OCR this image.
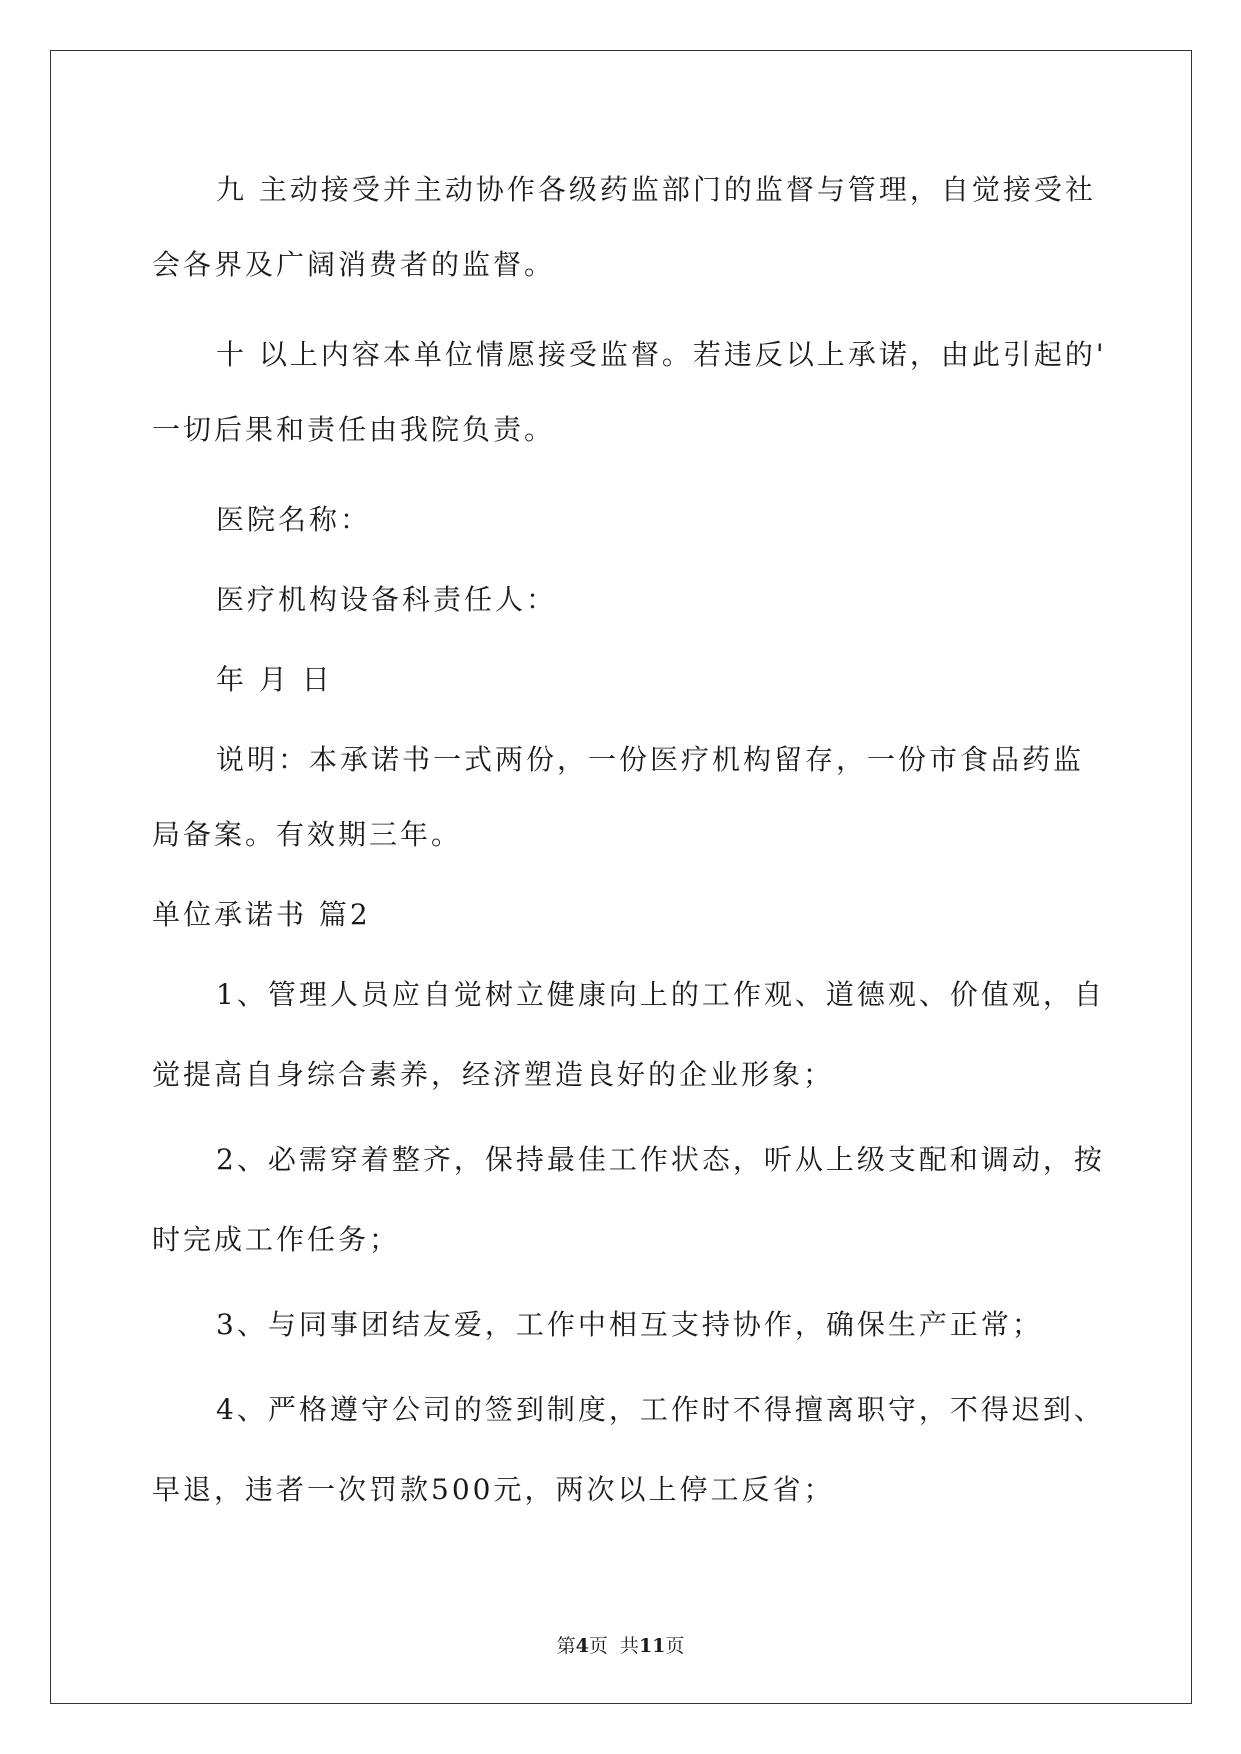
九 主动接受并主动协作各级药监部门的监督与管理，自觉接受社
会各界及广阔消费者的监督。
十 以上内容本单位情愿接受监督。若违反以上承诺，由此引起的'
一切后果和责任由我院负责。
医院名称：
医疗机构设备科责任人：
年 月 日
说明：本承诺书一式两份，一份医疗机构留存，一份市食品药监
局备案。有效期三年。
单位承诺书 篇2
1、管理人员应自觉树立健康向上的工作观、道德观、价值观，自
觉提高自身综合素养，经济塑造良好的企业形象；
2、必需穿着整齐，保持最佳工作状态，听从上级支配和调动，按
时完成工作任务；
3、与同事团结友爱，工作中相互支持协作，确保生产正常；
4、严格遵守公司的签到制度，工作时不得擅离职守，不得迟到、
早退，违者一次罚款500元，两次以上停工反省；
第4页  共11页
